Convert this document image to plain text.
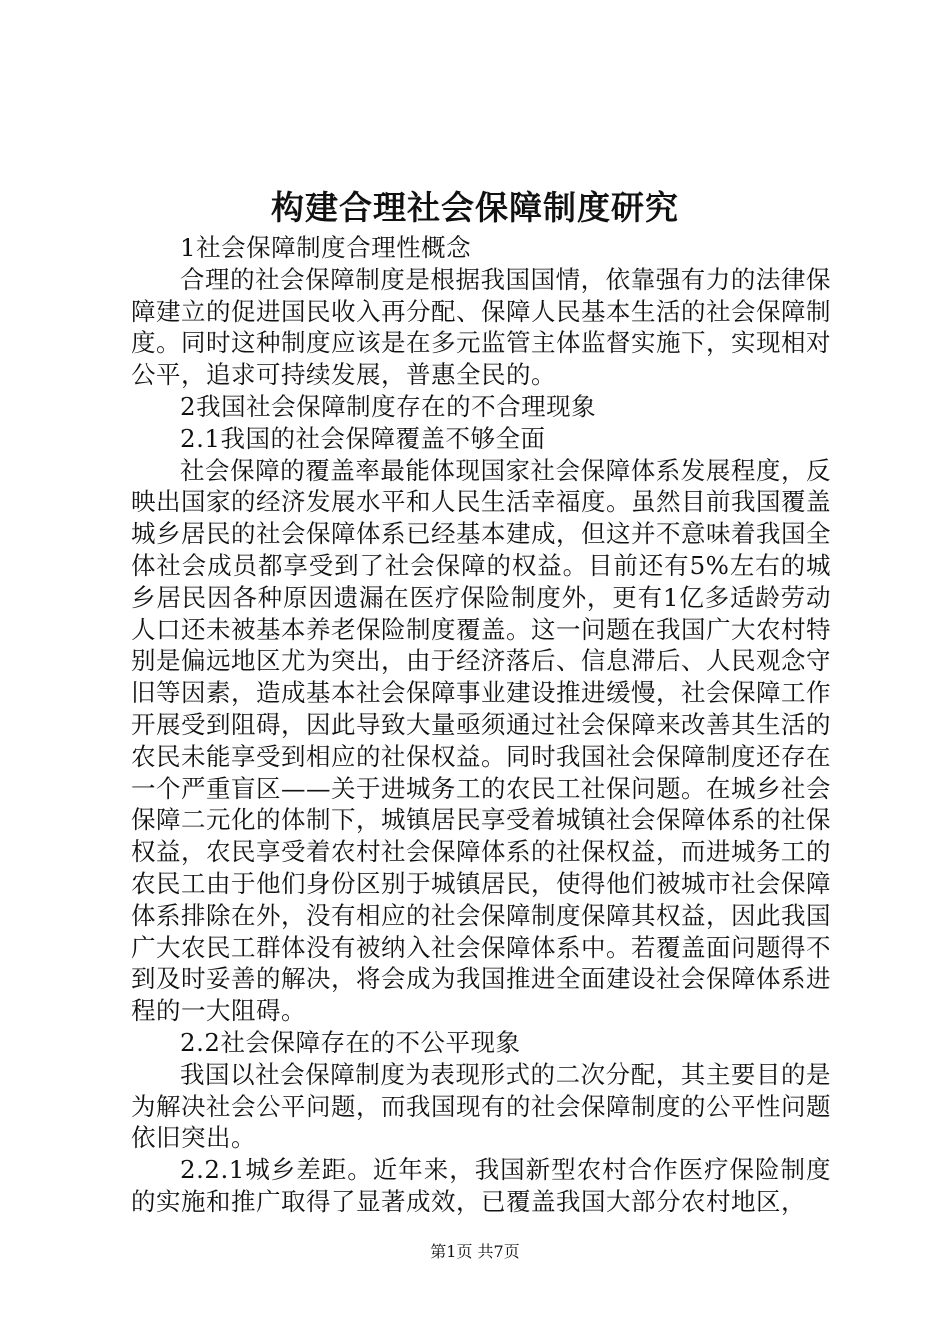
构建合理社会保障制度研究

1社会保障制度合理性概念

合理的社会保障制度是根据我国国情，依靠强有力的法律保障建立的促进国民收入再分配、保障人民基本生活的社会保障制度。同时这种制度应该是在多元监管主体监督实施下，实现相对公平，追求可持续发展，普惠全民的。

2我国社会保障制度存在的不合理现象

2.1我国的社会保障覆盖不够全面

社会保障的覆盖率最能体现国家社会保障体系发展程度，反映出国家的经济发展水平和人民生活幸福度。虽然目前我国覆盖城乡居民的社会保障体系已经基本建成，但这并不意味着我国全体社会成员都享受到了社会保障的权益。目前还有5%左右的城乡居民因各种原因遗漏在医疗保险制度外，更有1亿多适龄劳动人口还未被基本养老保险制度覆盖。这一问题在我国广大农村特别是偏远地区尤为突出，由于经济落后、信息滞后、人民观念守旧等因素，造成基本社会保障事业建设推进缓慢，社会保障工作开展受到阻碍，因此导致大量亟须通过社会保障来改善其生活的农民未能享受到相应的社保权益。同时我国社会保障制度还存在一个严重盲区——关于进城务工的农民工社保问题。在城乡社会保障二元化的体制下，城镇居民享受着城镇社会保障体系的社保权益，农民享受着农村社会保障体系的社保权益，而进城务工的农民工由于他们身份区别于城镇居民，使得他们被城市社会保障体系排除在外，没有相应的社会保障制度保障其权益，因此我国广大农民工群体没有被纳入社会保障体系中。若覆盖面问题得不到及时妥善的解决，将会成为我国推进全面建设社会保障体系进程的一大阻碍。

2.2社会保障存在的不公平现象

我国以社会保障制度为表现形式的二次分配，其主要目的是为解决社会公平问题，而我国现有的社会保障制度的公平性问题依旧突出。

2.2.1城乡差距。近年来，我国新型农村合作医疗保险制度的实施和推广取得了显著成效，已覆盖我国大部分农村地区，

第1页 共7页
